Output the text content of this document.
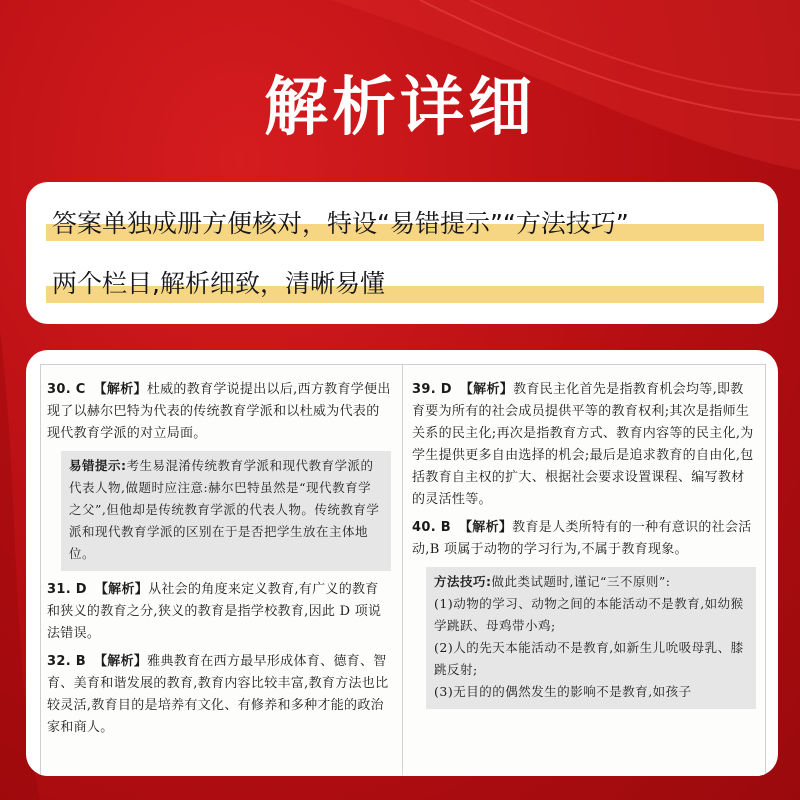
解析详细
答案单独成册方便核对，特设“易错提示”“方法技巧”
两个栏目,解析细致，清晰易懂
30. C 【解析】杜威的教育学说提出以后,西方教育学便出现了以赫尔巴特为代表的传统教育学派和以杜威为代表的现代教育学派的对立局面。
易错提示:考生易混淆传统教育学派和现代教育学派的代表人物,做题时应注意:赫尔巴特虽然是“现代教育学之父”,但他却是传统教育学派的代表人物。传统教育学派和现代教育学派的区别在于是否把学生放在主体地位。
31. D 【解析】从社会的角度来定义教育,有广义的教育和狭义的教育之分,狭义的教育是指学校教育,因此 D 项说法错误。
32. B 【解析】雅典教育在西方最早形成体育、德育、智育、美育和谐发展的教育,教育内容比较丰富,教育方法也比较灵活,教育目的是培养有文化、有修养和多种才能的政治家和商人。
39. D 【解析】教育民主化首先是指教育机会均等,即教育要为所有的社会成员提供平等的教育权利;其次是指师生关系的民主化;再次是指教育方式、教育内容等的民主化,为学生提供更多自由选择的机会;最后是追求教育的自由化,包括教育自主权的扩大、根据社会要求设置课程、编写教材的灵活性等。
40. B 【解析】教育是人类所特有的一种有意识的社会活动,B 项属于动物的学习行为,不属于教育现象。
方法技巧:做此类试题时,谨记“三不原则”:
(1)动物的学习、动物之间的本能活动不是教育,如幼猴学跳跃、母鸡带小鸡;
(2)人的先天本能活动不是教育,如新生儿吮吸母乳、膝跳反射;
(3)无目的的偶然发生的影响不是教育,如孩子
